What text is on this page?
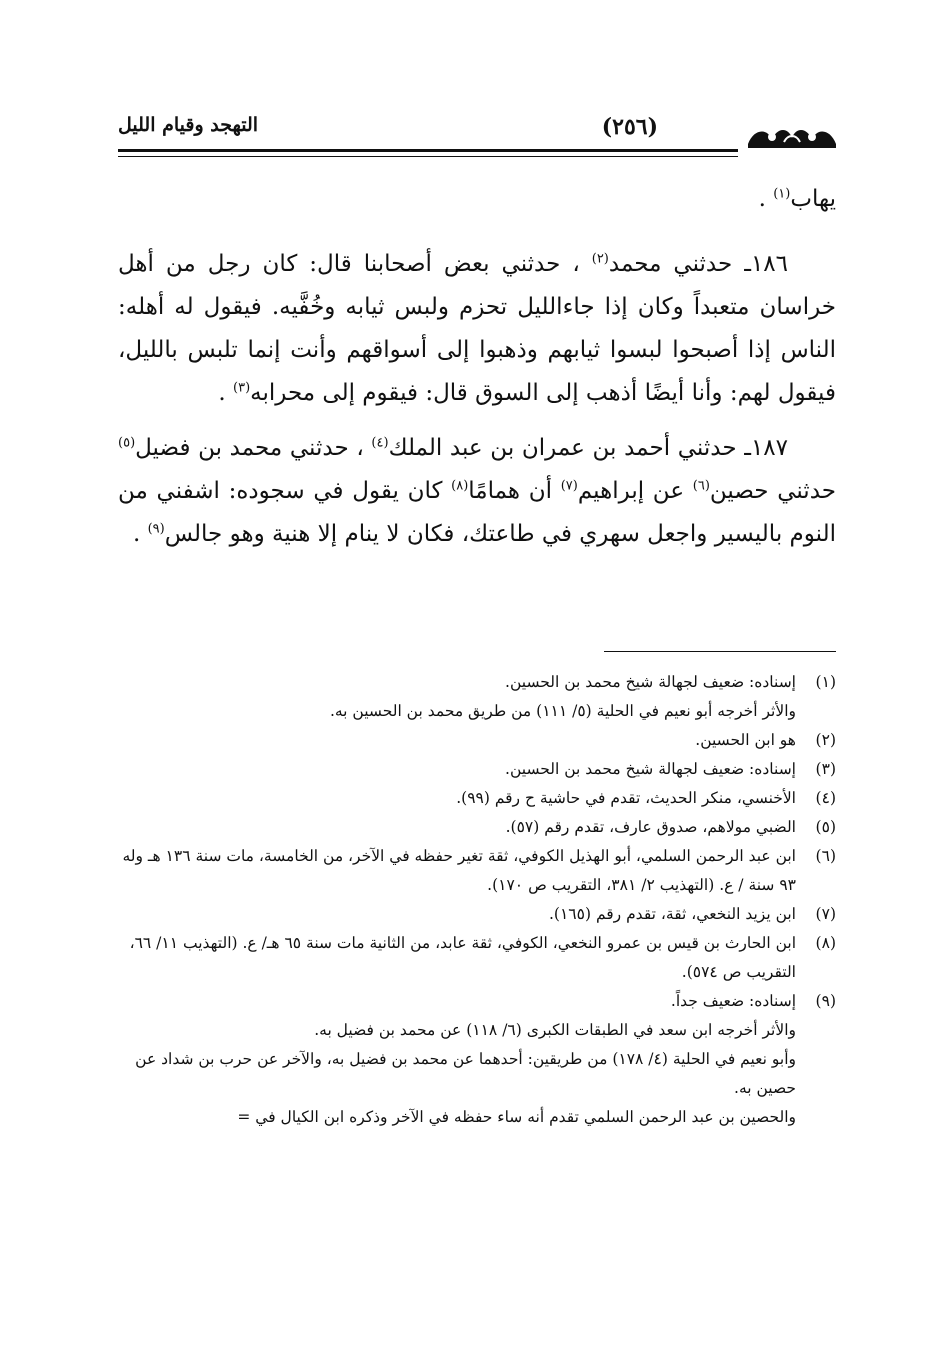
(٢٥٦)
التهجد وقيام الليل

يهاب$^{(١)}$ .

١٨٦ـ حدثني محمد$^{(٢)}$ ، حدثني بعض أصحابنا قال: كان رجل من أهل خراسان متعبداً وكان إذا جاءالليل تحزم ولبس ثيابه وخُفَّيه. فيقول له أهله: الناس إذا أصبحوا لبسوا ثيابهم وذهبوا إلى أسواقهم وأنت إنما تلبس بالليل، فيقول لهم: وأنا أيضًا أذهب إلى السوق قال: فيقوم إلى محرابه$^{(٣)}$ .

١٨٧ـ حدثني أحمد بن عمران بن عبد الملك$^{(٤)}$ ، حدثني محمد بن فضيل$^{(٥)}$ حدثني حصين$^{(٦)}$ عن إبراهيم$^{(٧)}$ أن همامًا$^{(٨)}$ كان يقول في سجوده: اشفني من النوم باليسير واجعل سهري في طاعتك، فكان لا ينام إلا هنية وهو جالس$^{(٩)}$ .

(١)
إسناده: ضعيف لجهالة شيخ محمد بن الحسين.
والأثر أخرجه أبو نعيم في الحلية (٥/ ١١١) من طريق محمد بن الحسين به.
(٢)
هو ابن الحسين.
(٣)
إسناده: ضعيف لجهالة شيخ محمد بن الحسين.
(٤)
الأخنسي، منكر الحديث، تقدم في حاشية ح رقم (٩٩).
(٥)
الضبي مولاهم، صدوق عارف، تقدم رقم (٥٧).
(٦)
ابن عبد الرحمن السلمي، أبو الهذيل الكوفي، ثقة تغير حفظه في الآخر، من الخامسة، مات سنة ١٣٦ هـ وله ٩٣ سنة / ع. (التهذيب ٢/ ٣٨١، التقريب ص ١٧٠).
(٧)
ابن يزيد النخعي، ثقة، تقدم رقم (١٦٥).
(٨)
ابن الحارث بن قيس بن عمرو النخعي، الكوفي، ثقة عابد، من الثانية مات سنة ٦٥ هـ/ ع. (التهذيب ١١/ ٦٦، التقريب ص ٥٧٤).
(٩)
إسناده: ضعيف جداً.
والأثر أخرجه ابن سعد في الطبقات الكبرى (٦/ ١١٨) عن محمد بن فضيل به.
وأبو نعيم في الحلية (٤/ ١٧٨) من طريقين: أحدهما عن محمد بن فضيل به، والآخر عن حرب بن شداد عن حصين به.
والحصين بن عبد الرحمن السلمي تقدم أنه ساء حفظه في الآخر وذكره ابن الكيال في =
